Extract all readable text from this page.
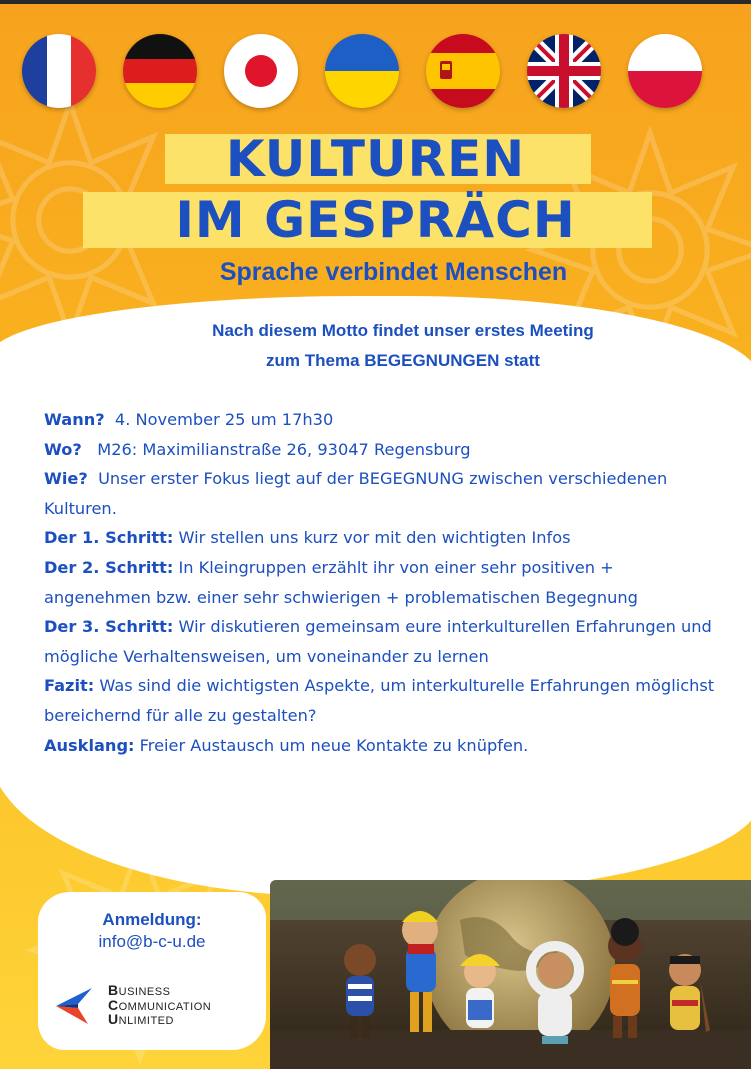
KULTUREN
IM GESPRÄCH
Sprache verbindet Menschen
Nach diesem Motto findet unser erstes Meeting
zum Thema BEGEGNUNGEN statt

Wann?  4. November 25 um 17h30

Wo?   M26: Maximilianstraße 26, 93047 Regensburg

Wie?  Unser erster Fokus liegt auf der BEGEGNUNG zwischen verschiedenen Kulturen.

Der 1. Schritt: Wir stellen uns kurz vor mit den wichtigten Infos

Der 2. Schritt: In Kleingruppen erzählt ihr von einer sehr positiven + angenehmen bzw. einer sehr schwierigen + problematischen Begegnung

Der 3. Schritt: Wir diskutieren gemeinsam eure interkulturellen Erfahrungen und mögliche Verhaltensweisen, um voneinander zu lernen

Fazit: Was sind die wichtigsten Aspekte, um interkulturelle Erfahrungen möglichst bereichernd für alle zu gestalten?

Ausklang: Freier Austausch um neue Kontakte zu knüpfen.

Anmeldung:
info@b-c-u.de
BUSINESS
COMMUNICATION
UNLIMITED
